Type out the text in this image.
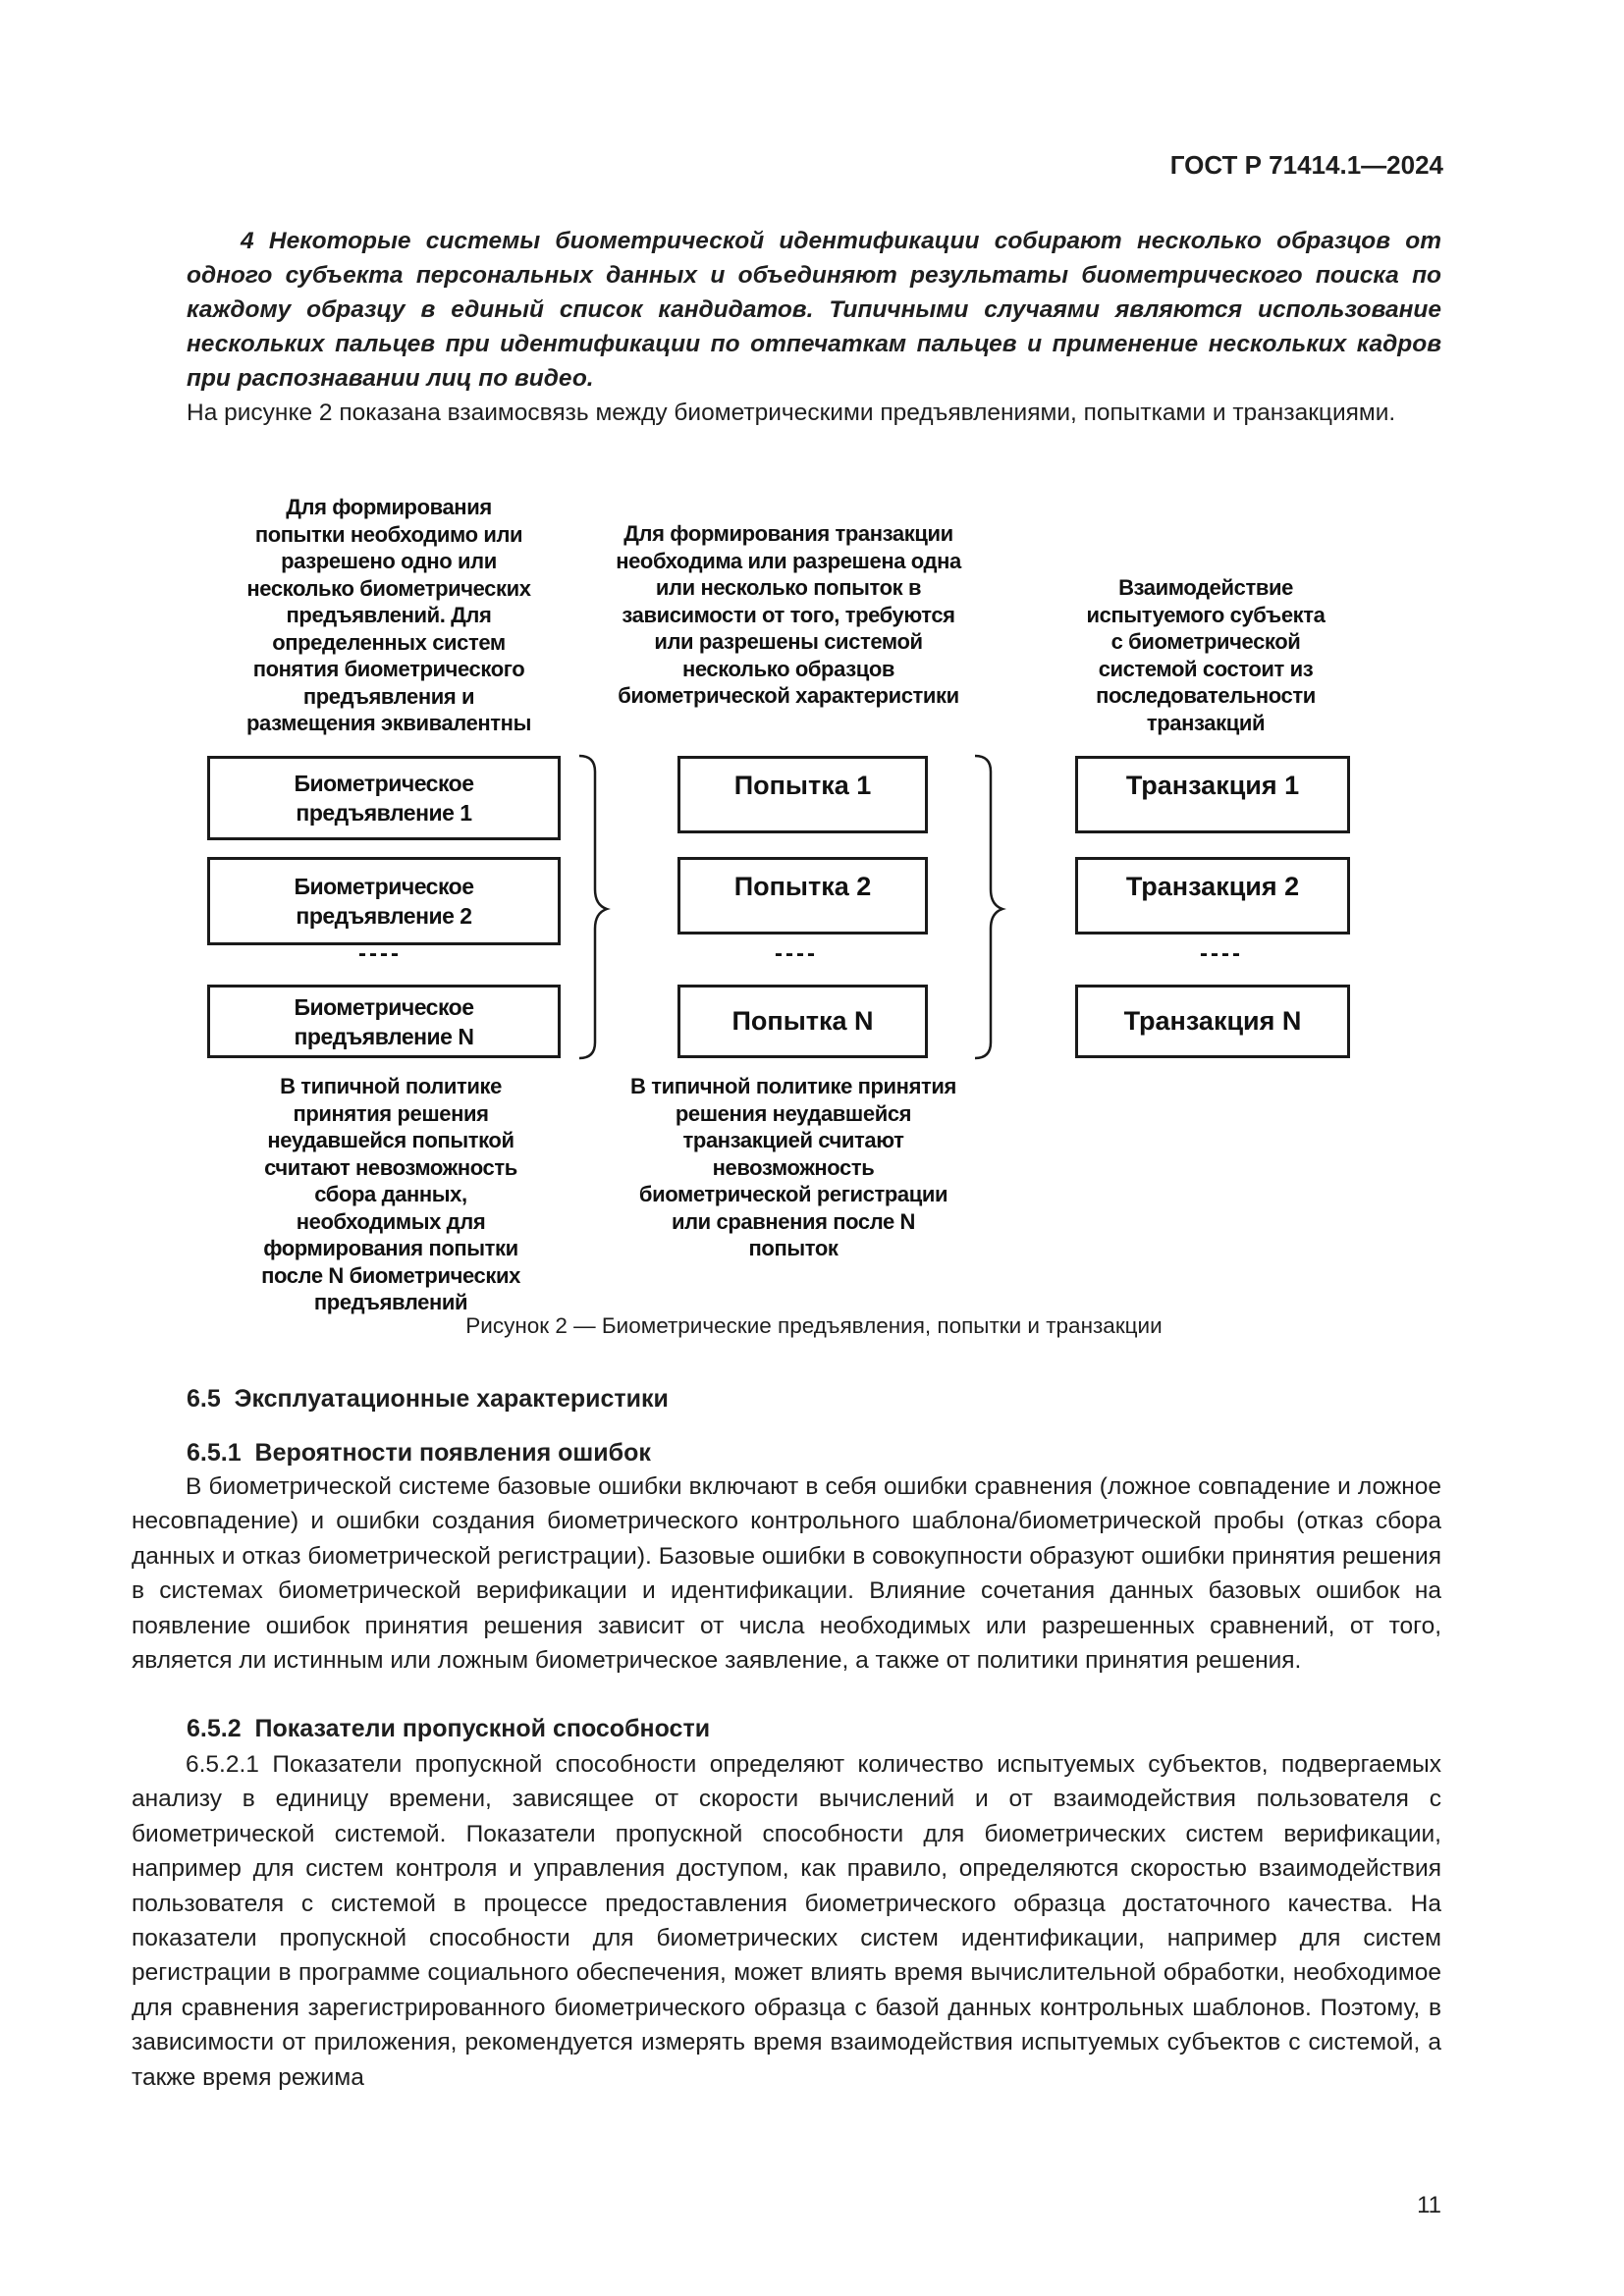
ГОСТ Р 71414.1—2024
4 Некоторые системы биометрической идентификации собирают несколько образцов от одного субъекта персональных данных и объединяют результаты биометрического поиска по каждому образцу в единый список кандидатов. Типичными случаями являются использование нескольких пальцев при идентификации по отпечаткам пальцев и применение нескольких кадров при распознавании лиц по видео.
На рисунке 2 показана взаимосвязь между биометрическими предъявлениями, попытками и транзакциями.
Для формирования попытки необходимо или разрешено одно или несколько биометрических предъявлений. Для определенных систем понятия биометрического предъявления и размещения эквивалентны
Для формирования транзакции необходима или разрешена одна или несколько попыток в зависимости от того, требуются или разрешены системой несколько образцов биометрической характеристики
Взаимодействие испытуемого субъекта с биометрической системой состоит из последовательности транзакций
Биометрическое предъявление 1
Биометрическое предъявление 2
----
Биометрическое предъявление N
Попытка 1
Попытка 2
----
Попытка N
Транзакция 1
Транзакция 2
----
Транзакция N
В типичной политике принятия решения неудавшейся попыткой считают невозможность сбора данных, необходимых для формирования попытки после N биометрических предъявлений
В типичной политике принятия решения неудавшейся транзакцией считают невозможность биометрической регистрации или сравнения после N попыток
Рисунок 2 — Биометрические предъявления, попытки и транзакции
6.5 Эксплуатационные характеристики
6.5.1 Вероятности появления ошибок
В биометрической системе базовые ошибки включают в себя ошибки сравнения (ложное совпадение и ложное несовпадение) и ошибки создания биометрического контрольного шаблона/биометрической пробы (отказ сбора данных и отказ биометрической регистрации). Базовые ошибки в совокупности образуют ошибки принятия решения в системах биометрической верификации и идентификации. Влияние сочетания данных базовых ошибок на появление ошибок принятия решения зависит от числа необходимых или разрешенных сравнений, от того, является ли истинным или ложным биометрическое заявление, а также от политики принятия решения.
6.5.2 Показатели пропускной способности
6.5.2.1 Показатели пропускной способности определяют количество испытуемых субъектов, подвергаемых анализу в единицу времени, зависящее от скорости вычислений и от взаимодействия пользователя с биометрической системой. Показатели пропускной способности для биометрических систем верификации, например для систем контроля и управления доступом, как правило, определяются скоростью взаимодействия пользователя с системой в процессе предоставления биометрического образца достаточного качества. На показатели пропускной способности для биометрических систем идентификации, например для систем регистрации в программе социального обеспечения, может влиять время вычислительной обработки, необходимое для сравнения зарегистрированного биометрического образца с базой данных контрольных шаблонов. Поэтому, в зависимости от приложения, рекомендуется измерять время взаимодействия испытуемых субъектов с системой, а также время режима
11
